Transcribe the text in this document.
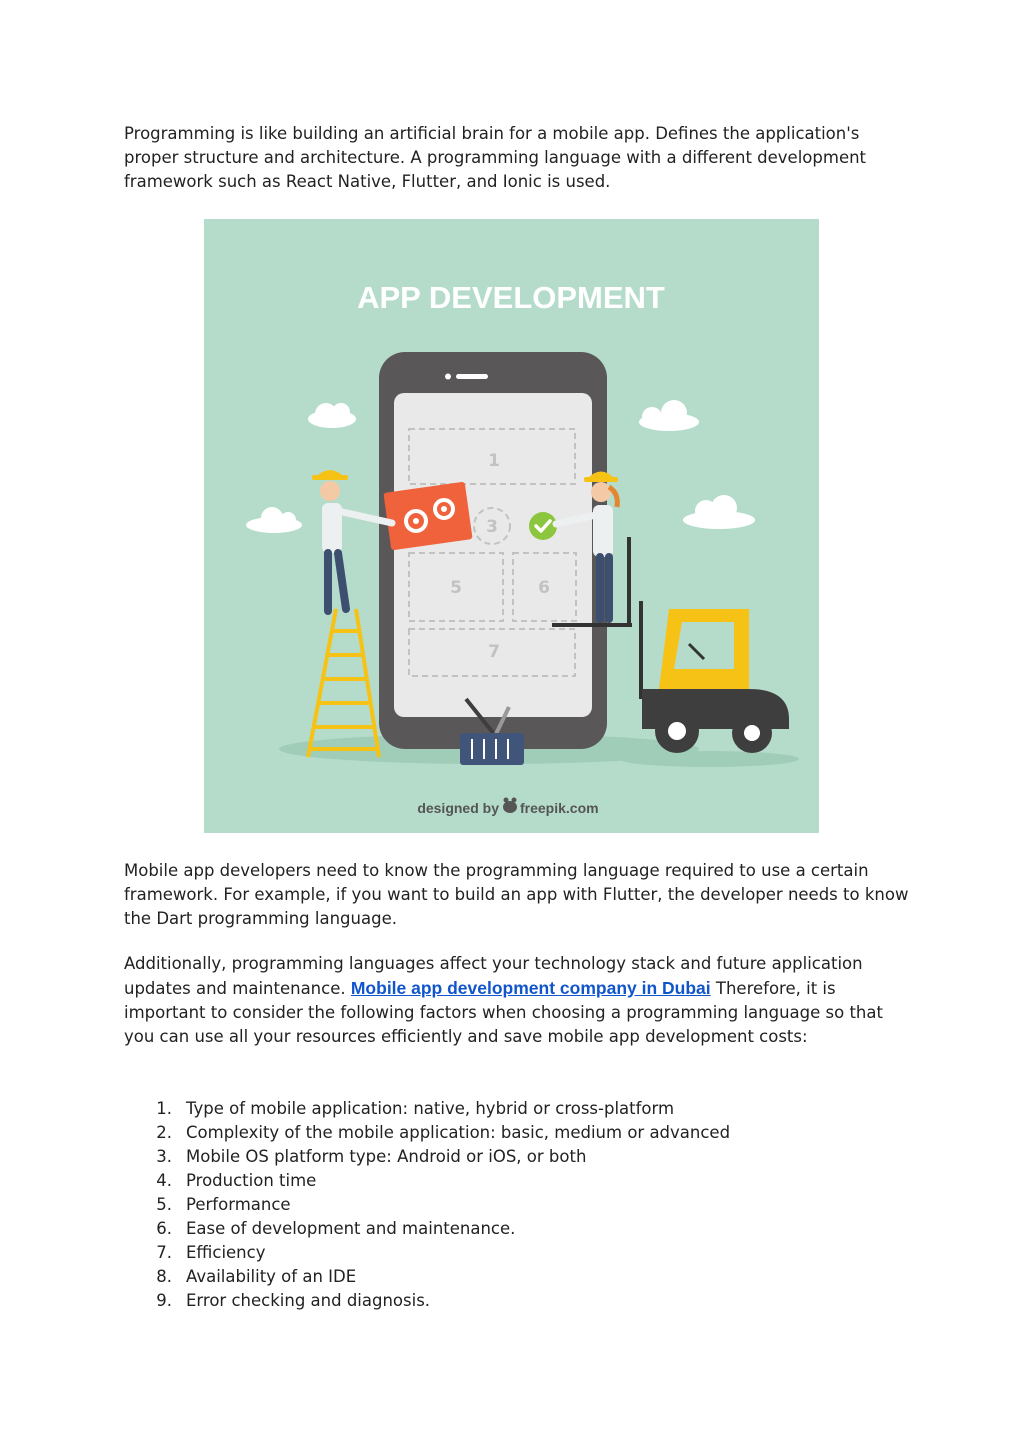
Programming is like building an artificial brain for a mobile app. Defines the application's proper structure and architecture. A programming language with a different development framework such as React Native, Flutter, and Ionic is used.

APP DEVELOPMENT
1
3
5	6
7
designed by freepik.com

Mobile app developers need to know the programming language required to use a certain framework. For example, if you want to build an app with Flutter, the developer needs to know the Dart programming language.

Additionally, programming languages affect your technology stack and future application updates and maintenance. Mobile app development company in Dubai Therefore, it is important to consider the following factors when choosing a programming language so that you can use all your resources efficiently and save mobile app development costs:

1. Type of mobile application: native, hybrid or cross-platform
2. Complexity of the mobile application: basic, medium or advanced
3. Mobile OS platform type: Android or iOS, or both
4. Production time
5. Performance
6. Ease of development and maintenance.
7. Efficiency
8. Availability of an IDE
9. Error checking and diagnosis.
